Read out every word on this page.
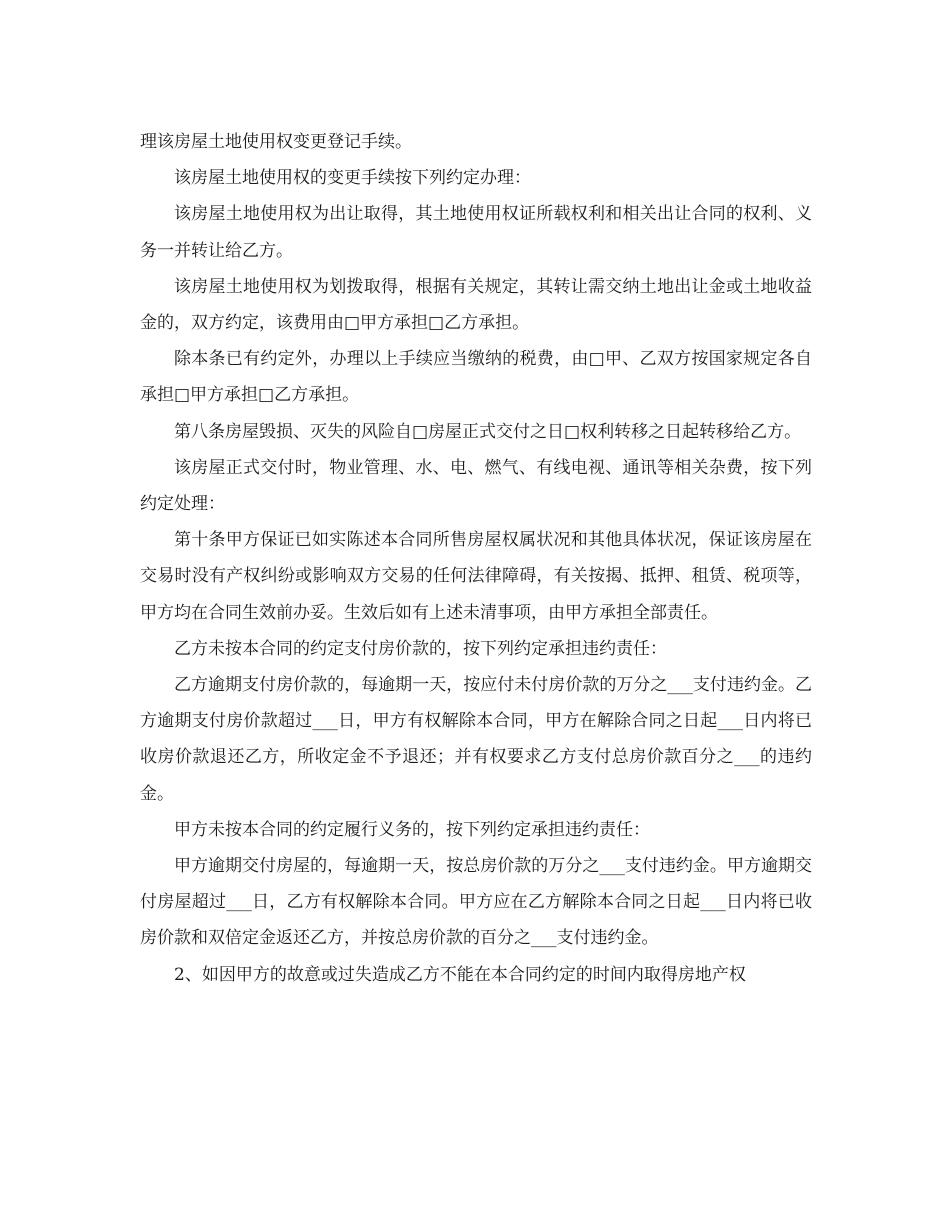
理该房屋土地使用权变更登记手续。

该房屋土地使用权的变更手续按下列约定办理：

该房屋土地使用权为出让取得，其土地使用权证所载权利和相关出让合同的权利、义务一并转让给乙方。

该房屋土地使用权为划拨取得，根据有关规定，其转让需交纳土地出让金或土地收益金的，双方约定，该费用由□甲方承担□乙方承担。

除本条已有约定外，办理以上手续应当缴纳的税费，由□甲、乙双方按国家规定各自承担□甲方承担□乙方承担。

第八条房屋毁损、灭失的风险自□房屋正式交付之日□权利转移之日起转移给乙方。

该房屋正式交付时，物业管理、水、电、燃气、有线电视、通讯等相关杂费，按下列约定处理：

第十条甲方保证已如实陈述本合同所售房屋权属状况和其他具体状况，保证该房屋在交易时没有产权纠纷或影响双方交易的任何法律障碍，有关按揭、抵押、租赁、税项等，甲方均在合同生效前办妥。生效后如有上述未清事项，由甲方承担全部责任。

乙方未按本合同的约定支付房价款的，按下列约定承担违约责任：

乙方逾期支付房价款的，每逾期一天，按应付未付房价款的万分之___支付违约金。乙方逾期支付房价款超过___日，甲方有权解除本合同，甲方在解除合同之日起___日内将已收房价款退还乙方，所收定金不予退还；并有权要求乙方支付总房价款百分之___的违约金。

甲方未按本合同的约定履行义务的，按下列约定承担违约责任：

甲方逾期交付房屋的，每逾期一天，按总房价款的万分之___支付违约金。甲方逾期交付房屋超过___日，乙方有权解除本合同。甲方应在乙方解除本合同之日起___日内将已收房价款和双倍定金返还乙方，并按总房价款的百分之___支付违约金。

2、如因甲方的故意或过失造成乙方不能在本合同约定的时间内取得房地产权
